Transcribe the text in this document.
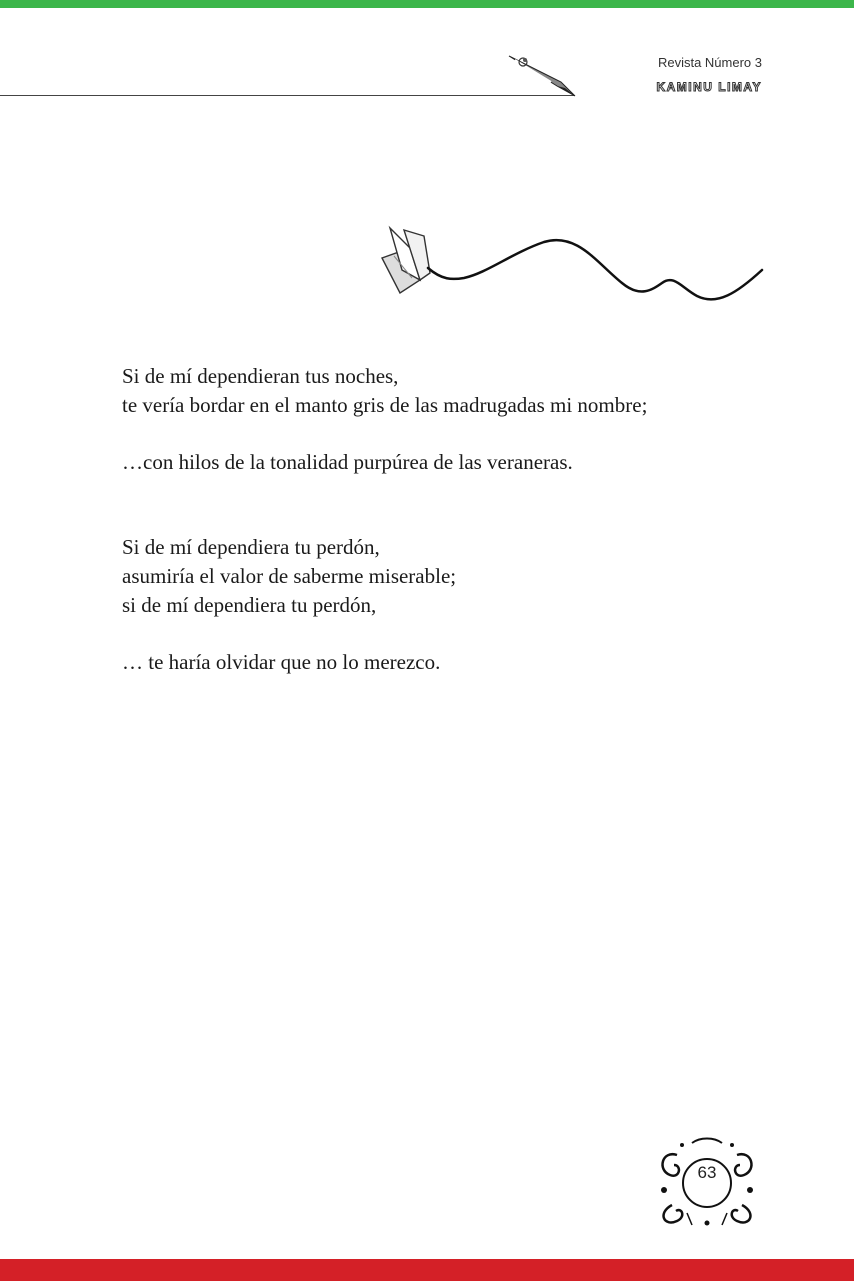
Revista Número 3
KAMINU LIMAY

Si de mí dependieran tus noches,

te vería bordar en el manto gris de las madrugadas mi nombre;

…con hilos de la tonalidad purpúrea de las veraneras.

Si de mí dependiera tu perdón,

asumiría el valor de saberme miserable;

si de mí dependiera tu perdón,

… te haría olvidar que no lo merezco.

63
